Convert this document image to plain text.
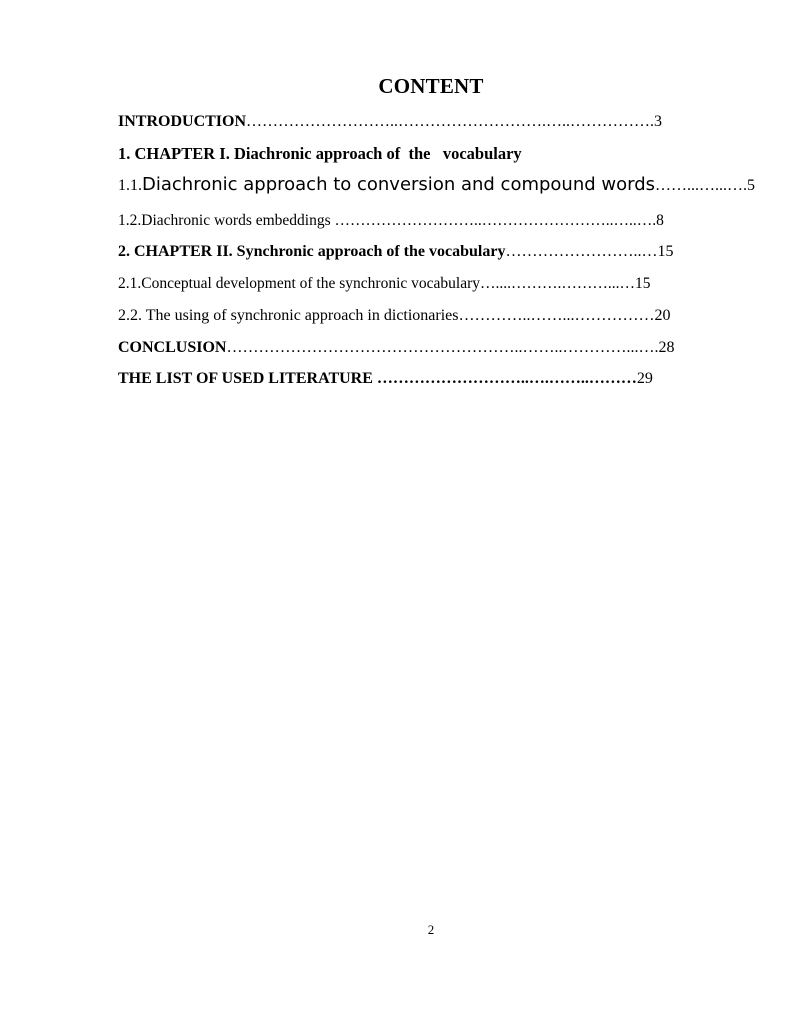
CONTENT
INTRODUCTION………………………..……………………….…..…………….3
1. CHAPTER I. Diachronic approach of  the   vocabulary
1.1.Diachronic approach to conversion and compound words……...…...….5
1.2.Diachronic words embeddings ………………………..……………………..…..….8
2. CHAPTER II. Synchronic approach of the vocabulary……………………..…15
2.1.Conceptual development of the synchronic vocabulary…....……….………...…15
2.2. The using of synchronic approach in dictionaries…………..……...……………20
CONCLUSION………………………………………………..……..…………...….28
THE LIST OF USED LITERATURE ………………………..….……..………29
2
